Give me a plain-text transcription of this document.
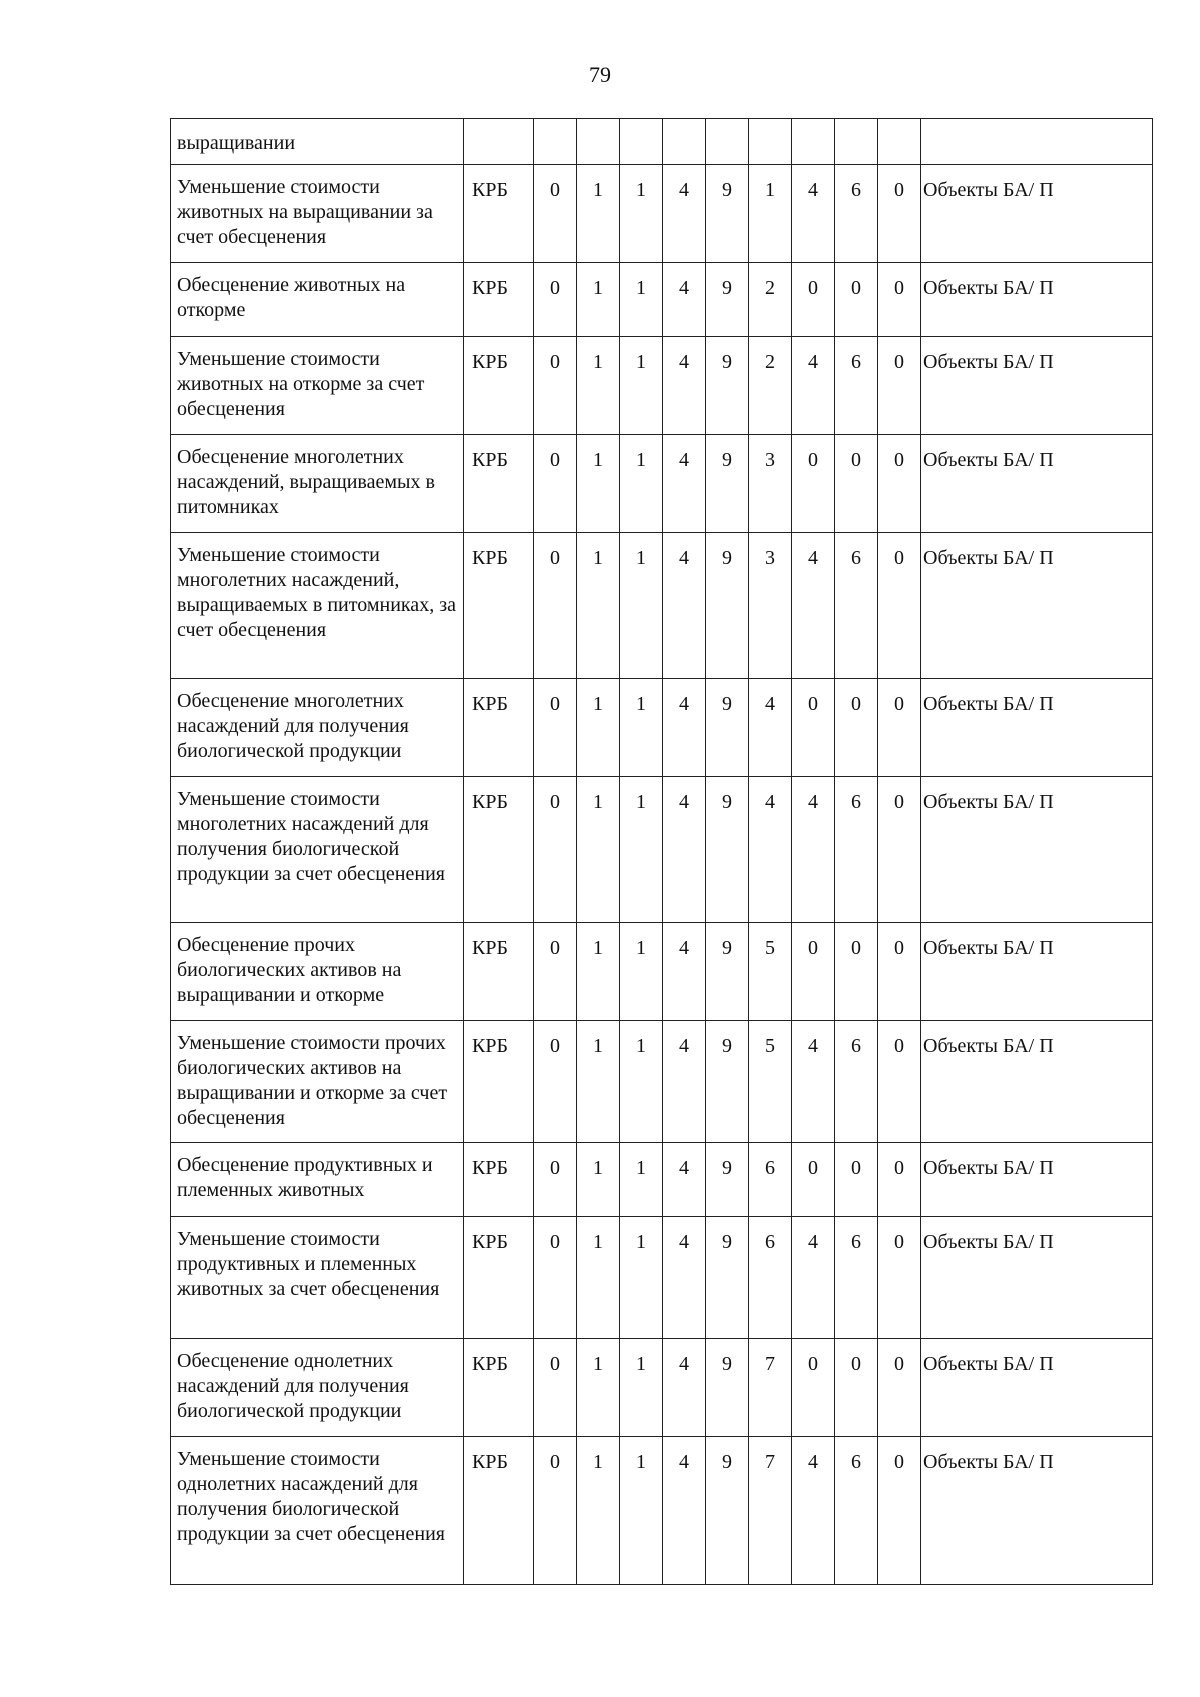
79
выращивании											
Уменьшение стоимости животных на выращивании за счет обесценения	КРБ	0	1	1	4	9	1	4	6	0	Объекты БА/ П
Обесценение животных на откорме	КРБ	0	1	1	4	9	2	0	0	0	Объекты БА/ П
Уменьшение стоимости животных на откорме за счет обесценения	КРБ	0	1	1	4	9	2	4	6	0	Объекты БА/ П
Обесценение многолетних насаждений, выращиваемых в питомниках	КРБ	0	1	1	4	9	3	0	0	0	Объекты БА/ П
Уменьшение стоимости многолетних насаждений, выращиваемых в питомниках, за счет обесценения	КРБ	0	1	1	4	9	3	4	6	0	Объекты БА/ П
Обесценение многолетних насаждений для получения биологической продукции	КРБ	0	1	1	4	9	4	0	0	0	Объекты БА/ П
Уменьшение стоимости многолетних насаждений для получения биологической продукции за счет обесценения	КРБ	0	1	1	4	9	4	4	6	0	Объекты БА/ П
Обесценение прочих биологических активов на выращивании и откорме	КРБ	0	1	1	4	9	5	0	0	0	Объекты БА/ П
Уменьшение стоимости прочих биологических активов на выращивании и откорме за счет обесценения	КРБ	0	1	1	4	9	5	4	6	0	Объекты БА/ П
Обесценение продуктивных и племенных животных	КРБ	0	1	1	4	9	6	0	0	0	Объекты БА/ П
Уменьшение стоимости продуктивных и племенных животных за счет обесценения	КРБ	0	1	1	4	9	6	4	6	0	Объекты БА/ П
Обесценение однолетних насаждений для получения биологической продукции	КРБ	0	1	1	4	9	7	0	0	0	Объекты БА/ П
Уменьшение стоимости однолетних насаждений для получения биологической продукции за счет обесценения	КРБ	0	1	1	4	9	7	4	6	0	Объекты БА/ П
